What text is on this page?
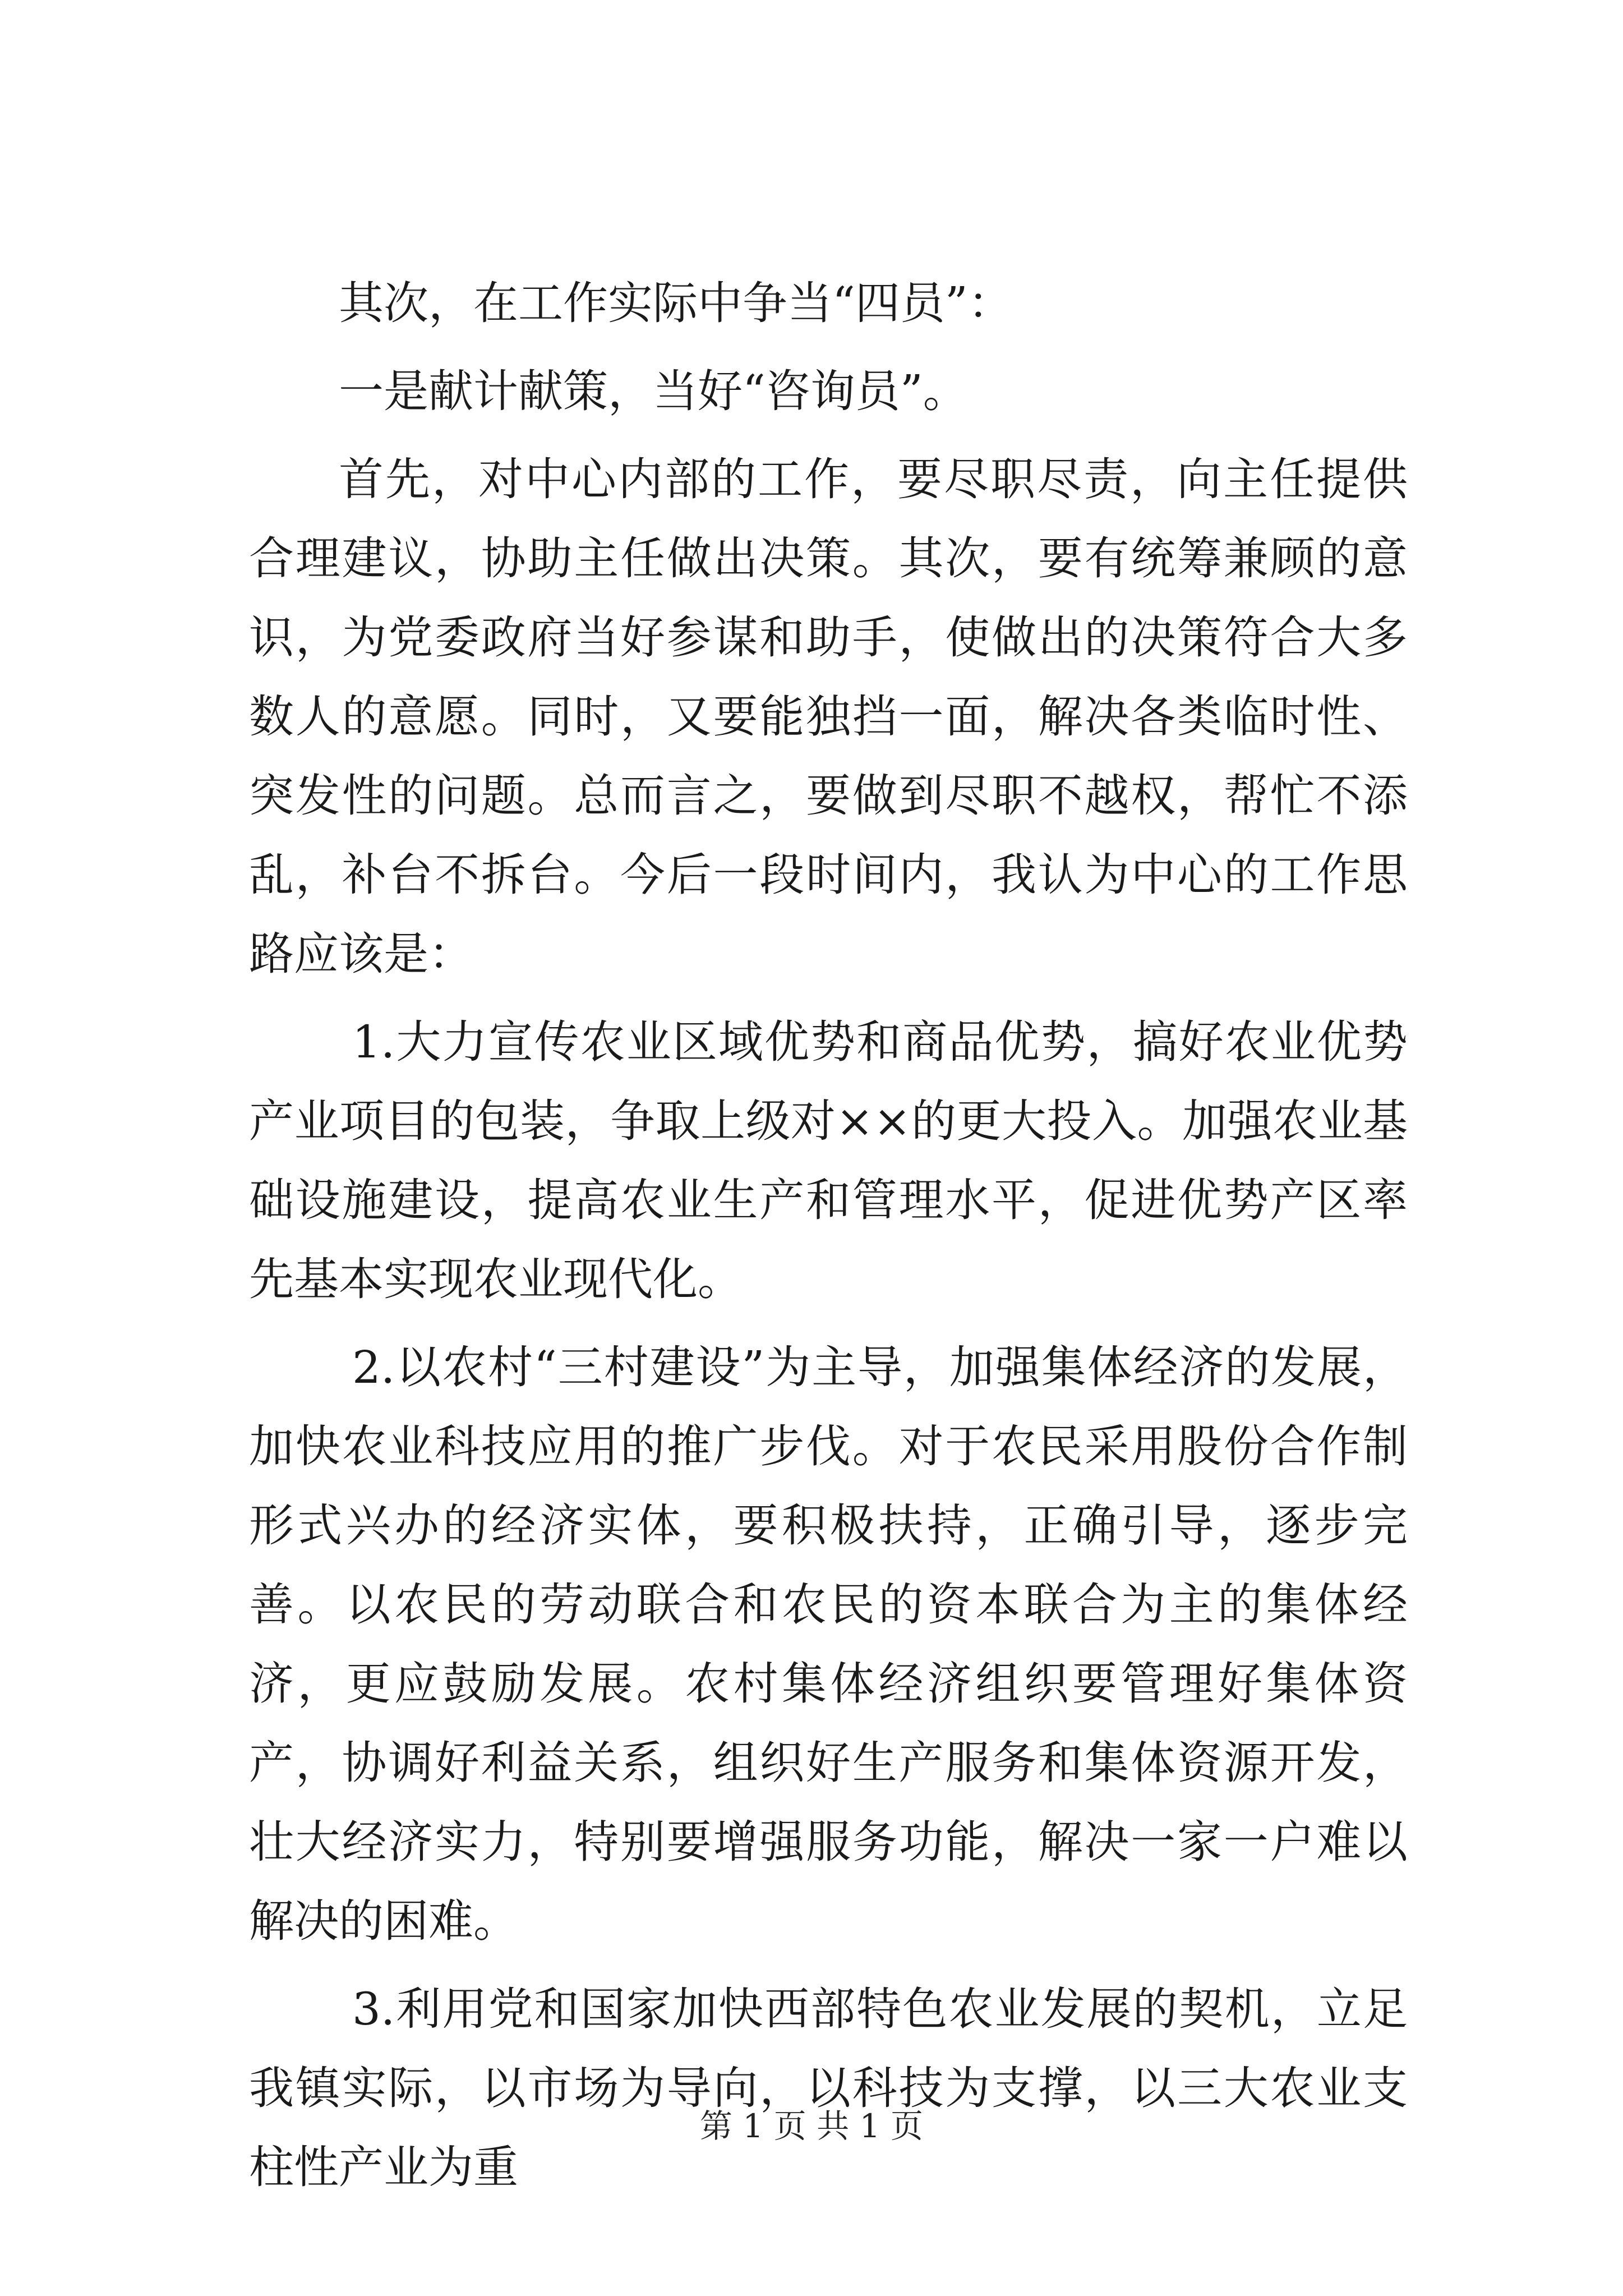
其次，在工作实际中争当“四员”：

一是献计献策，当好“咨询员”。

首先，对中心内部的工作，要尽职尽责，向主任提供合理建议，协助主任做出决策。其次，要有统筹兼顾的意识，为党委政府当好参谋和助手，使做出的决策符合大多数人的意愿。同时，又要能独挡一面，解决各类临时性、突发性的问题。总而言之，要做到尽职不越权，帮忙不添乱，补台不拆台。今后一段时间内，我认为中心的工作思路应该是：

1.大力宣传农业区域优势和商品优势，搞好农业优势产业项目的包装，争取上级对××的更大投入。加强农业基础设施建设，提高农业生产和管理水平，促进优势产区率先基本实现农业现代化。

2.以农村“三村建设”为主导，加强集体经济的发展，加快农业科技应用的推广步伐。对于农民采用股份合作制形式兴办的经济实体，要积极扶持，正确引导，逐步完善。以农民的劳动联合和农民的资本联合为主的集体经济，更应鼓励发展。农村集体经济组织要管理好集体资产，协调好利益关系，组织好生产服务和集体资源开发，壮大经济实力，特别要增强服务功能，解决一家一户难以解决的困难。

3.利用党和国家加快西部特色农业发展的契机，立足我镇实际，以市场为导向，以科技为支撑，以三大农业支柱性产业为重

第 1 页 共 1 页
